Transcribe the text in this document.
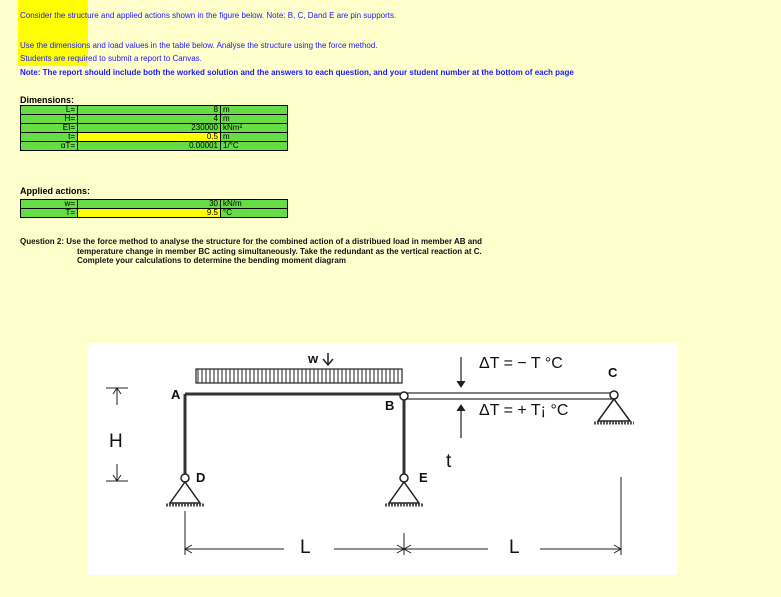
Consider the structure and applied actions shown in the figure below. Note: B, C, Dand E are pin supports.
Use the dimensions and load values in the table below. Analyse the structure using the force method.
Students are required to submit a report to Canvas.
Note: The report should include both the worked solution and the answers to each question, and your student number at the bottom of each page
Dimensions:
L=	8	m
H=	4	m
EI=	230000	kNm²
t=	0.5	m
αT=	0.00001	1/°C
Applied actions:
w=	30	kN/m
T=	9.5	°C
Question 2: Use the force method to analyse the structure for the combined action of a distribued load in member AB and
temperature change in member BC acting simultaneously. Take the redundant as the vertical reaction at C.
Complete your calculations to determine the bending moment diagram
w
A
B
C
D	E
H
L	L
t
ΔT = − T °C
ΔT = + T¡ °C
